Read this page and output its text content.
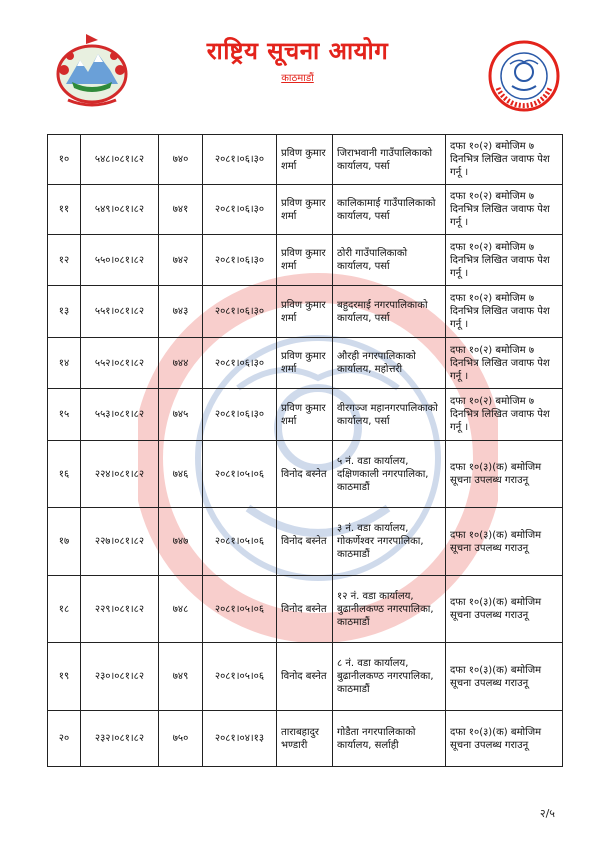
राष्ट्रिय सूचना आयोग
काठमाडौं
१०	५४८।०८१।८२	७४०	२०८१।०६।३०	प्रविण कुमार शर्मा	जिराभवानी गाउँपालिकाको कार्यालय, पर्सा	दफा १०(२) बमोजिम ७ दिनभित्र लिखित जवाफ पेश गर्नू ।
११	५४९।०८१।८२	७४१	२०८१।०६।३०	प्रविण कुमार शर्मा	कालिकामाई गाउँपालिकाको कार्यालय, पर्सा	दफा १०(२) बमोजिम ७ दिनभित्र लिखित जवाफ पेश गर्नू ।
१२	५५०।०८१।८२	७४२	२०८१।०६।३०	प्रविण कुमार शर्मा	ठोरी गाउँपालिकाको कार्यालय, पर्सा	दफा १०(२) बमोजिम ७ दिनभित्र लिखित जवाफ पेश गर्नू ।
१३	५५१।०८१।८२	७४३	२०८१।०६।३०	प्रविण कुमार शर्मा	बहुदरमाई नगरपालिकाको कार्यालय, पर्सा	दफा १०(२) बमोजिम ७ दिनभित्र लिखित जवाफ पेश गर्नू ।
१४	५५२।०८१।८२	७४४	२०८१।०६।३०	प्रविण कुमार शर्मा	औरही नगरपालिकाको कार्यालय, महोत्तरी	दफा १०(२) बमोजिम ७ दिनभित्र लिखित जवाफ पेश गर्नू ।
१५	५५३।०८१।८२	७४५	२०८१।०६।३०	प्रविण कुमार शर्मा	वीरगञ्ज महानगरपालिकाको कार्यालय, पर्सा	दफा १०(२) बमोजिम ७ दिनभित्र लिखित जवाफ पेश गर्नू ।
१६	२२४।०८१।८२	७४६	२०८१।०५।०६	विनोद बस्नेत	५ नं. वडा कार्यालय, दक्षिणकाली नगरपालिका, काठमाडौं	दफा १०(३)(क) बमोजिम सूचना उपलब्ध गराउनू
१७	२२७।०८१।८२	७४७	२०८१।०५।०६	विनोद बस्नेत	३ नं. वडा कार्यालय, गोकर्णेश्वर नगरपालिका, काठमाडौं	दफा १०(३)(क) बमोजिम सूचना उपलब्ध गराउनू
१८	२२९।०८१।८२	७४८	२०८१।०५।०६	विनोद बस्नेत	१२ नं. वडा कार्यालय, बुढानीलकण्ठ नगरपालिका, काठमाडौं	दफा १०(३)(क) बमोजिम सूचना उपलब्ध गराउनू
१९	२३०।०८१।८२	७४९	२०८१।०५।०६	विनोद बस्नेत	८ नं. वडा कार्यालय, बुढानीलकण्ठ नगरपालिका, काठमाडौं	दफा १०(३)(क) बमोजिम सूचना उपलब्ध गराउनू
२०	२३२।०८१।८२	७५०	२०८१।०४।१३	ताराबहादुर भण्डारी	गोडैता नगरपालिकाको कार्यालय, सर्लाही	दफा १०(३)(क) बमोजिम सूचना उपलब्ध गराउनू
२/५
